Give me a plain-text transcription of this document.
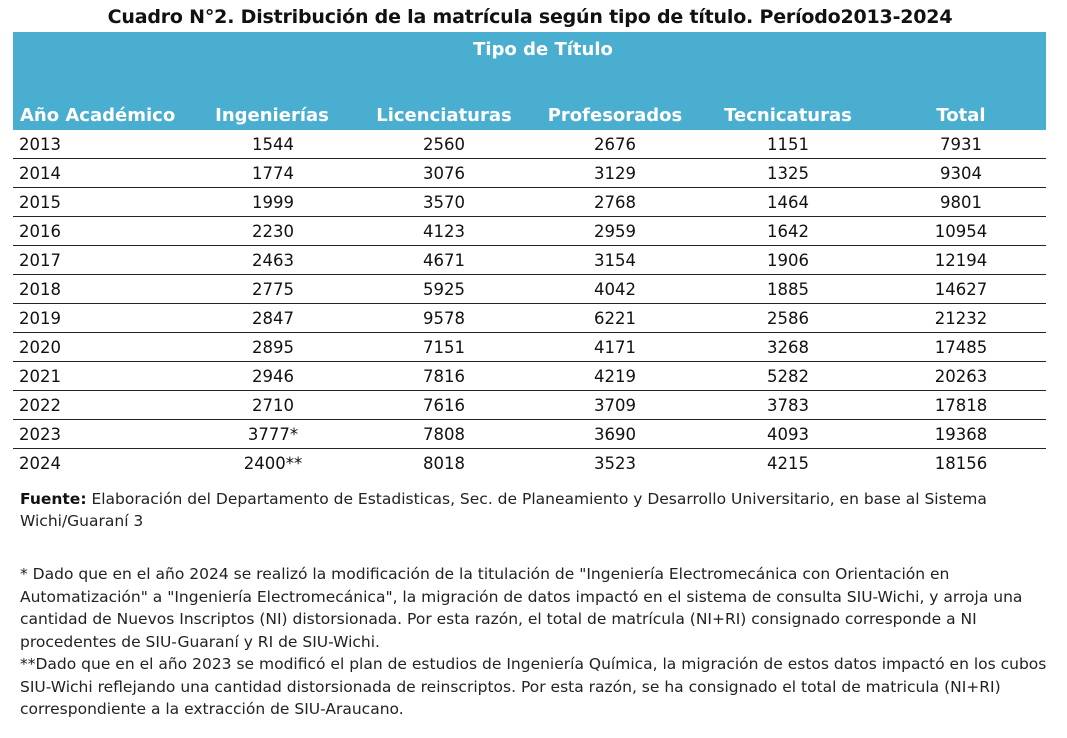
Cuadro N°2. Distribución de la matrícula según tipo de título. Período2013-2024
Tipo de Título
Año Académico	Ingenierías	Licenciaturas	Profesorados	Tecnicaturas	Total
2013	1544	2560	2676	1151	7931
2014	1774	3076	3129	1325	9304
2015	1999	3570	2768	1464	9801
2016	2230	4123	2959	1642	10954
2017	2463	4671	3154	1906	12194
2018	2775	5925	4042	1885	14627
2019	2847	9578	6221	2586	21232
2020	2895	7151	4171	3268	17485
2021	2946	7816	4219	5282	20263
2022	2710	7616	3709	3783	17818
2023	3777*	7808	3690	4093	19368
2024	2400**	8018	3523	4215	18156
Fuente: Elaboración del Departamento de Estadisticas, Sec. de Planeamiento y Desarrollo Universitario, en base al Sistema Wichi/Guaraní 3

* Dado que en el año 2024 se realizó la modificación de la titulación de "Ingeniería Electromecánica con Orientación en Automatización" a "Ingeniería Electromecánica", la migración de datos impactó en el sistema de consulta SIU-Wichi, y arroja una cantidad de Nuevos Inscriptos (NI) distorsionada. Por esta razón, el total de matrícula (NI+RI) consignado corresponde a NI procedentes de SIU-Guaraní y RI de SIU-Wichi.

**Dado que en el año 2023 se modificó el plan de estudios de Ingeniería Química, la migración de estos datos impactó en los cubos SIU-Wichi reflejando una cantidad distorsionada de reinscriptos. Por esta razón, se ha consignado el total de matricula (NI+RI) correspondiente a la extracción de SIU-Araucano.
